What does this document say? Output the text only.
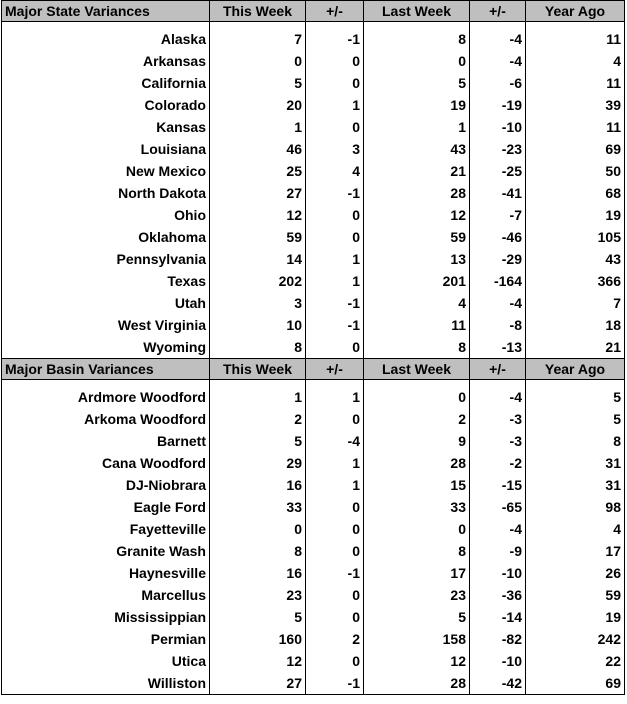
Major State Variances	This Week	+/-	Last Week	+/-	Year Ago

Alaska	7	-1	8	-4	11
Arkansas	0	0	0	-4	4
California	5	0	5	-6	11
Colorado	20	1	19	-19	39
Kansas	1	0	1	-10	11
Louisiana	46	3	43	-23	69
New Mexico	25	4	21	-25	50
North Dakota	27	-1	28	-41	68
Ohio	12	0	12	-7	19
Oklahoma	59	0	59	-46	105
Pennsylvania	14	1	13	-29	43
Texas	202	1	201	-164	366
Utah	3	-1	4	-4	7
West Virginia	10	-1	11	-8	18
Wyoming	8	0	8	-13	21
Major Basin Variances	This Week	+/-	Last Week	+/-	Year Ago

Ardmore Woodford	1	1	0	-4	5
Arkoma Woodford	2	0	2	-3	5
Barnett	5	-4	9	-3	8
Cana Woodford	29	1	28	-2	31
DJ-Niobrara	16	1	15	-15	31
Eagle Ford	33	0	33	-65	98
Fayetteville	0	0	0	-4	4
Granite Wash	8	0	8	-9	17
Haynesville	16	-1	17	-10	26
Marcellus	23	0	23	-36	59
Mississippian	5	0	5	-14	19
Permian	160	2	158	-82	242
Utica	12	0	12	-10	22
Williston	27	-1	28	-42	69
